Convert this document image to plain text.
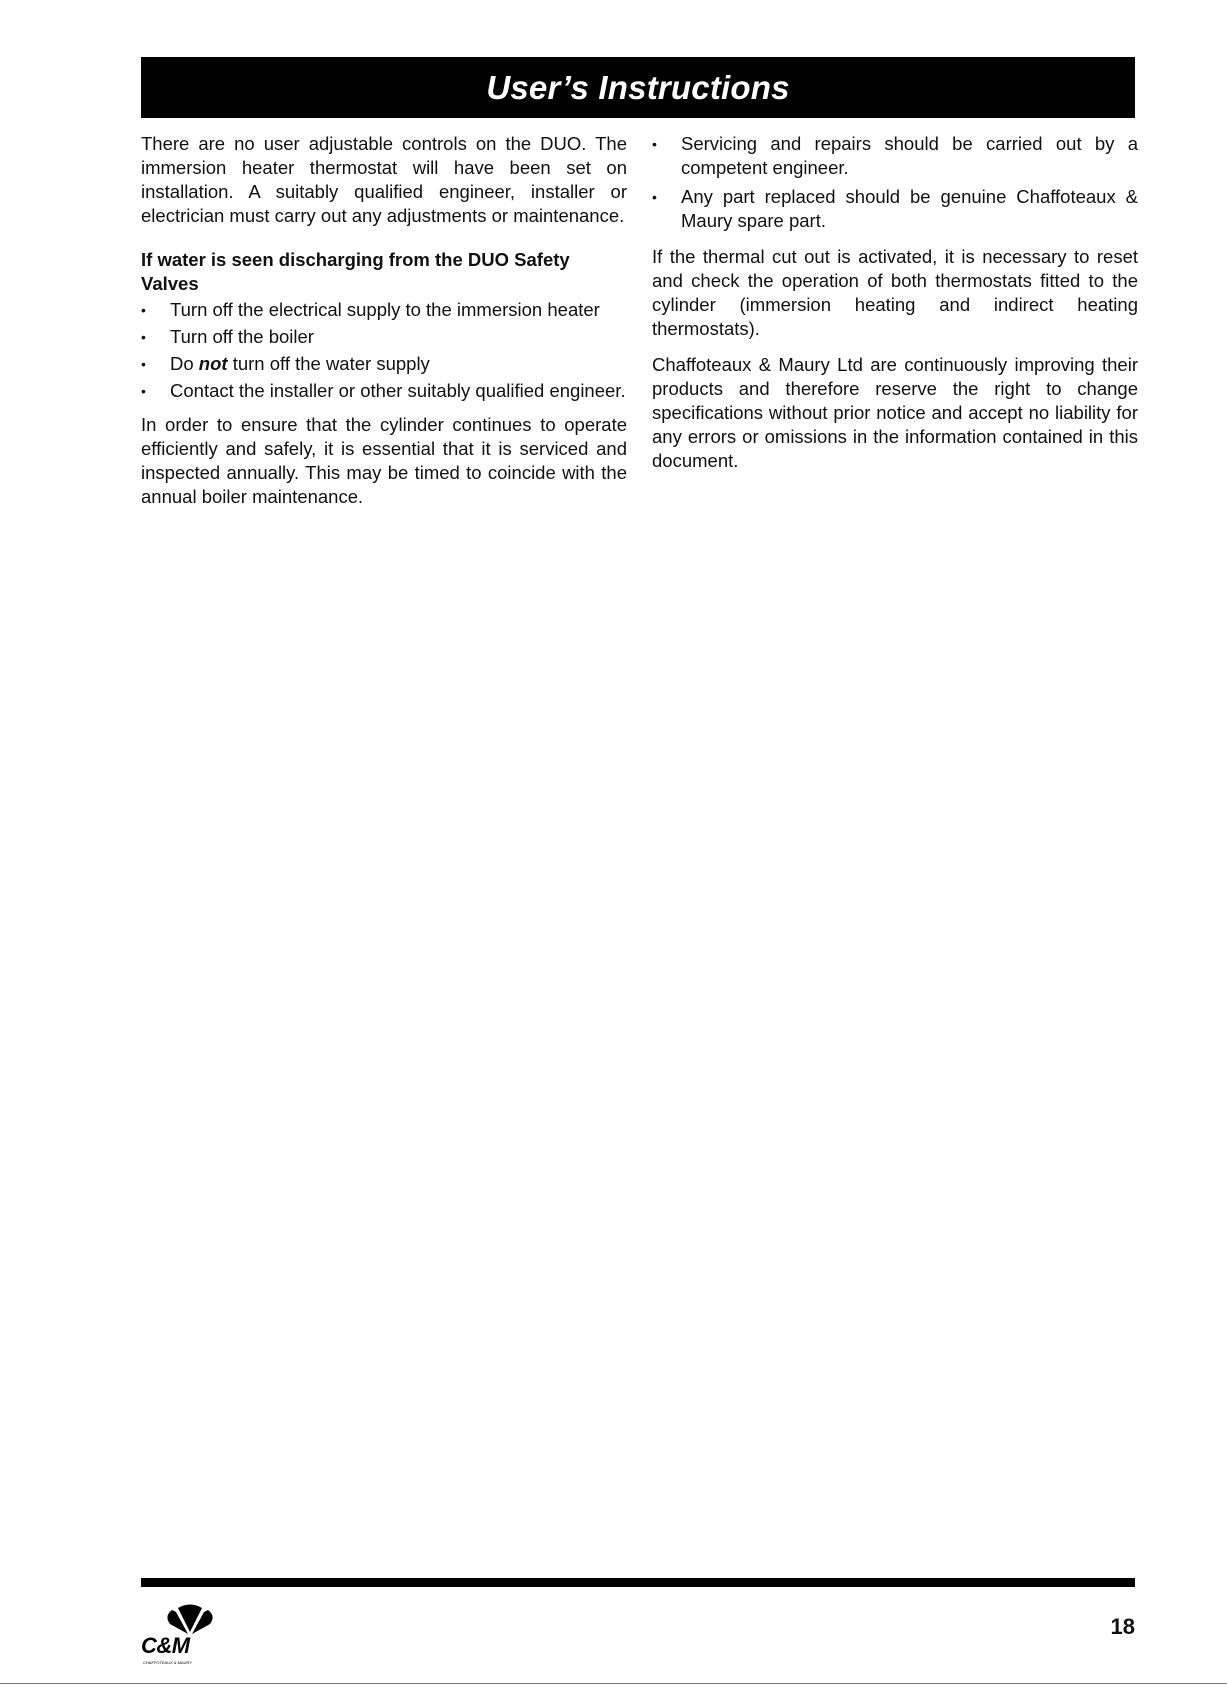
User’s Instructions

There are no user adjustable controls on the DUO. The immersion heater thermostat will have been set on installation. A suitably qualified engineer, installer or electrician must carry out any adjustments or maintenance.

If water is seen discharging from the DUO Safety Valves
•	Turn off the electrical supply to the immersion heater
•	Turn off the boiler
•	Do not turn off the water supply
•	Contact the installer or other suitably qualified engineer.

In order to ensure that the cylinder continues to operate efficiently and safely, it is essential that it is serviced and inspected annually. This may be timed to coincide with the annual boiler maintenance.

•	Servicing and repairs should be carried out by a competent engineer.
•	Any part replaced should be genuine Chaffoteaux & Maury spare part.

If the thermal cut out is activated, it is necessary to reset and check the operation of both thermostats fitted to the cylinder (immersion heating and indirect heating thermostats).

Chaffoteaux & Maury Ltd are continuously improving their products and therefore reserve the right to change specifications without prior notice and accept no liability for any errors or omissions in the information contained in this document.

C&M
CHAFFOTEAUX & MAURY
18
